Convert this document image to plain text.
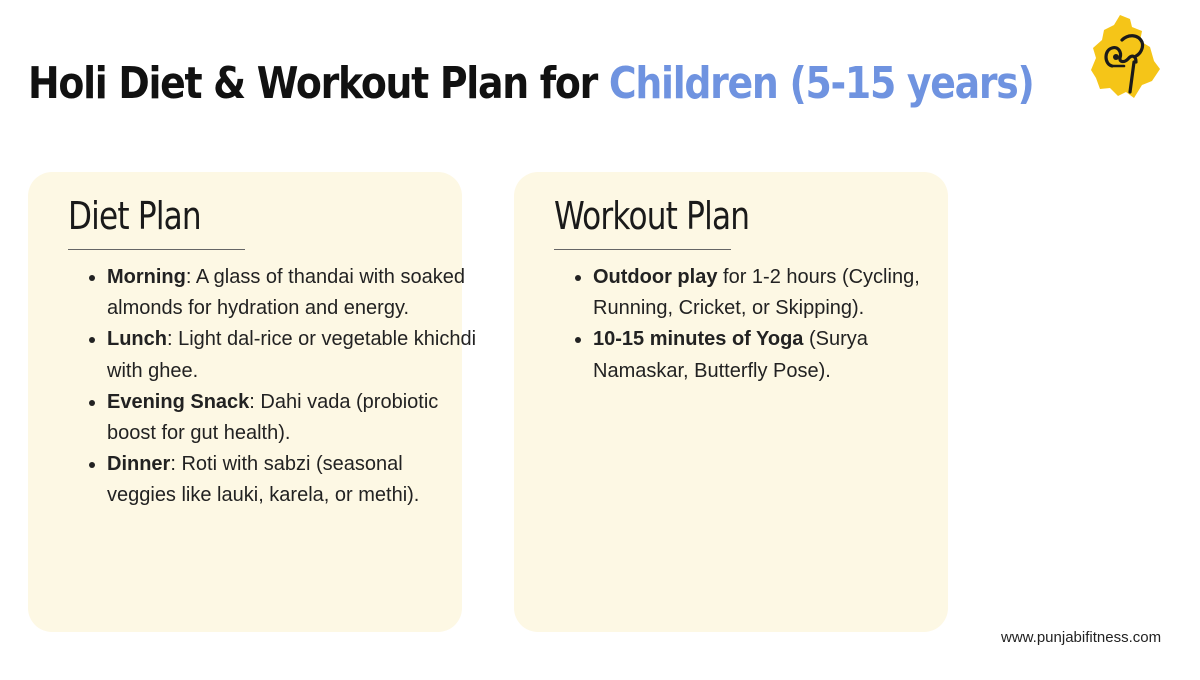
Holi Diet & Workout Plan for Children (5-15 years)
Diet Plan
• Morning: A glass of thandai with soaked almonds for hydration and energy.
• Lunch: Light dal-rice or vegetable khichdi with ghee.
• Evening Snack: Dahi vada (probiotic boost for gut health).
• Dinner: Roti with sabzi (seasonal veggies like lauki, karela, or methi).
Workout Plan
• Outdoor play for 1-2 hours (Cycling, Running, Cricket, or Skipping).
• 10-15 minutes of Yoga (Surya Namaskar, Butterfly Pose).
www.punjabifitness.com
